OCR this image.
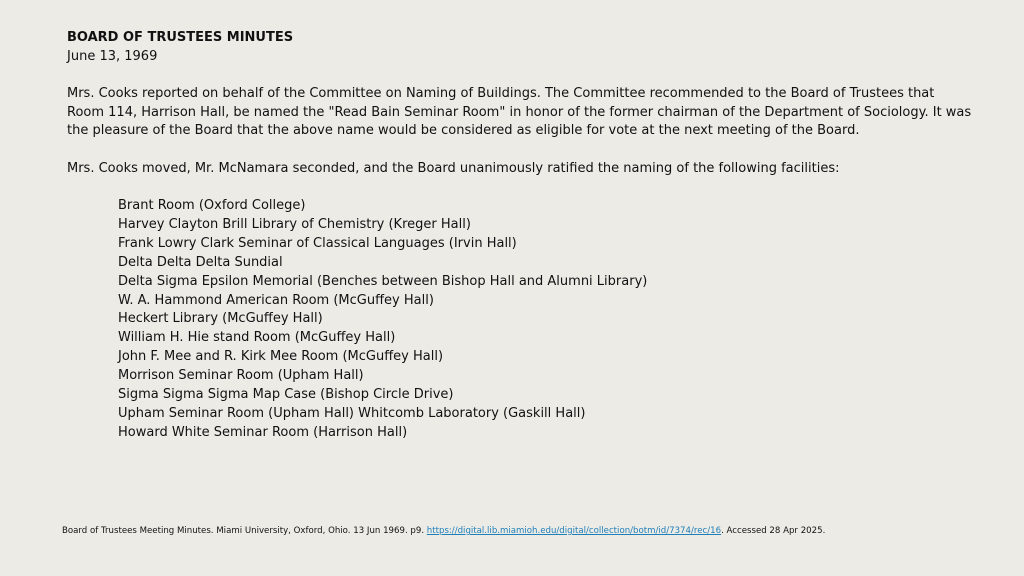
BOARD OF TRUSTEES MINUTES
June 13, 1969
Mrs. Cooks reported on behalf of the Committee on Naming of Buildings. The Committee recommended to the Board of Trustees that Room 114, Harrison Hall, be named the "Read Bain Seminar Room" in honor of the former chairman of the Department of Sociology. It was the pleasure of the Board that the above name would be considered as eligible for vote at the next meeting of the Board.
Mrs. Cooks moved, Mr. McNamara seconded, and the Board unanimously ratified the naming of the following facilities:
Brant Room (Oxford College)
Harvey Clayton Brill Library of Chemistry (Kreger Hall)
Frank Lowry Clark Seminar of Classical Languages (Irvin Hall)
Delta Delta Delta Sundial
Delta Sigma Epsilon Memorial (Benches between Bishop Hall and Alumni Library)
W. A. Hammond American Room (McGuffey Hall)
Heckert Library (McGuffey Hall)
William H. Hie stand Room (McGuffey Hall)
John F. Mee and R. Kirk Mee Room (McGuffey Hall)
Morrison Seminar Room (Upham Hall)
Sigma Sigma Sigma Map Case (Bishop Circle Drive)
Upham Seminar Room (Upham Hall) Whitcomb Laboratory (Gaskill Hall)
Howard White Seminar Room (Harrison Hall)
Board of Trustees Meeting Minutes. Miami University, Oxford, Ohio. 13 Jun 1969. p9. https://digital.lib.miamioh.edu/digital/collection/botm/id/7374/rec/16. Accessed 28 Apr 2025.
